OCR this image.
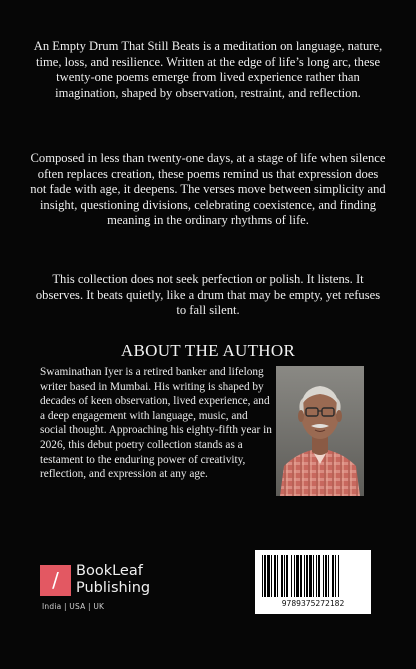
An Empty Drum That Still Beats is a meditation on language, nature, time, loss, and resilience. Written at the edge of life’s long arc, these twenty-one poems emerge from lived experience rather than imagination, shaped by observation, restraint, and reflection.

Composed in less than twenty-one days, at a stage of life when silence often replaces creation, these poems remind us that expression does not fade with age, it deepens. The verses move between simplicity and insight, questioning divisions, celebrating coexistence, and finding meaning in the ordinary rhythms of life.

This collection does not seek perfection or polish. It listens. It observes. It beats quietly, like a drum that may be empty, yet refuses to fall silent.

ABOUT THE AUTHOR

Swaminathan Iyer is a retired banker and lifelong writer based in Mumbai. His writing is shaped by decades of keen observation, lived experience, and a deep engagement with language, music, and social thought. Approaching his eighty-fifth year in 2026, this debut poetry collection stands as a testament to the enduring power of creativity, reflection, and expression at any age.

/	BookLeaf
Publishing
India | USA | UK	9789375272182
